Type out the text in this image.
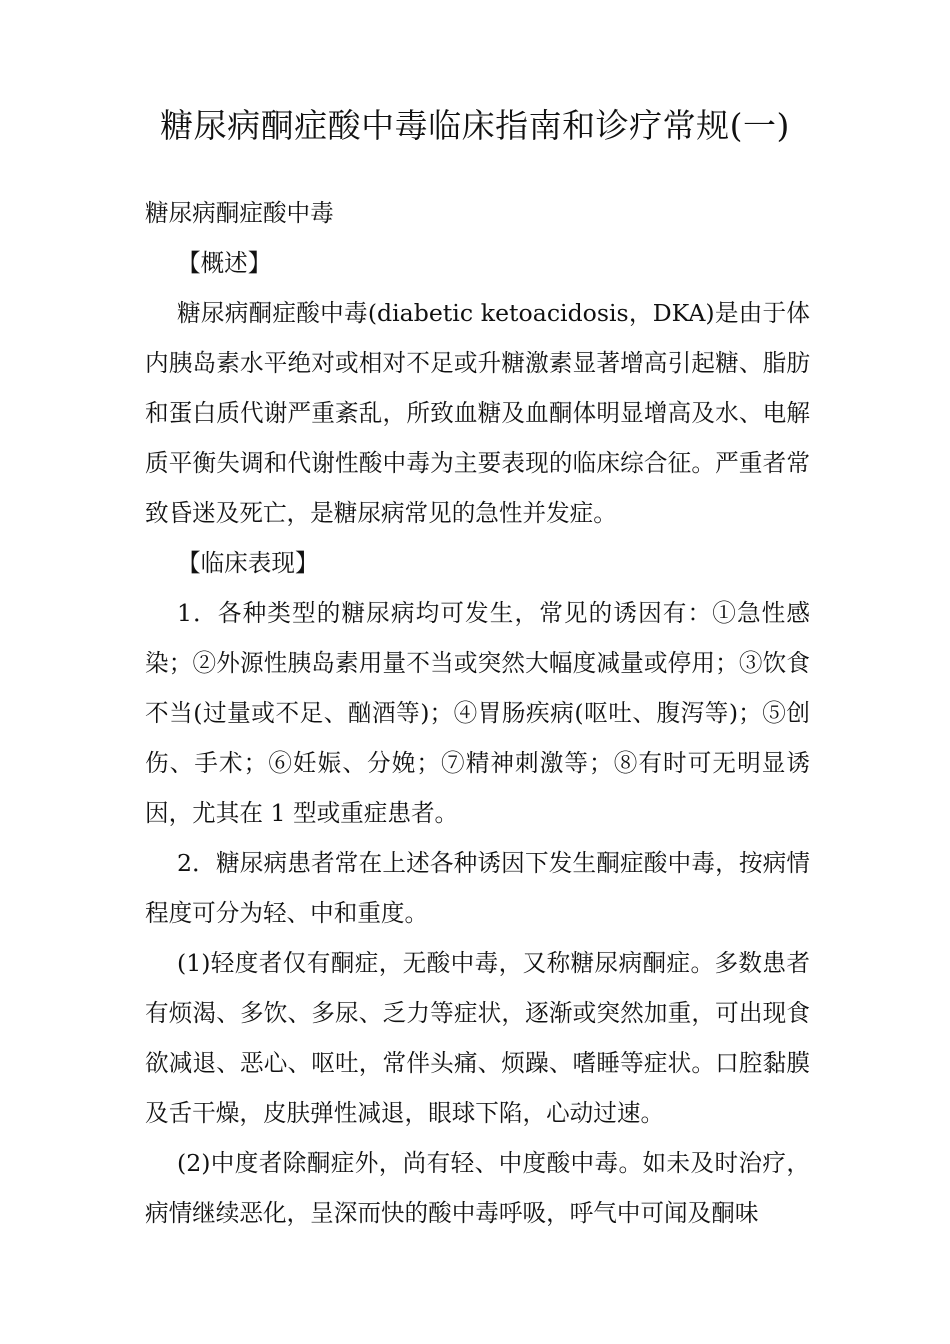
糖尿病酮症酸中毒临床指南和诊疗常规(一)

糖尿病酮症酸中毒

【概述】

糖尿病酮症酸中毒(diabetic ketoacidosis，DKA)是由于体内胰岛素水平绝对或相对不足或升糖激素显著增高引起糖、脂肪和蛋白质代谢严重紊乱，所致血糖及血酮体明显增高及水、电解质平衡失调和代谢性酸中毒为主要表现的临床综合征。严重者常致昏迷及死亡，是糖尿病常见的急性并发症。

【临床表现】

1．各种类型的糖尿病均可发生，常见的诱因有：①急性感染；②外源性胰岛素用量不当或突然大幅度减量或停用；③饮食不当(过量或不足、酗酒等)；④胃肠疾病(呕吐、腹泻等)；⑤创伤、手术；⑥妊娠、分娩；⑦精神刺激等；⑧有时可无明显诱因，尤其在 1 型或重症患者。

2．糖尿病患者常在上述各种诱因下发生酮症酸中毒，按病情程度可分为轻、中和重度。

(1)轻度者仅有酮症，无酸中毒，又称糖尿病酮症。多数患者有烦渴、多饮、多尿、乏力等症状，逐渐或突然加重，可出现食欲减退、恶心、呕吐，常伴头痛、烦躁、嗜睡等症状。口腔黏膜及舌干燥，皮肤弹性减退，眼球下陷，心动过速。

(2)中度者除酮症外，尚有轻、中度酸中毒。如未及时治疗，病情继续恶化，呈深而快的酸中毒呼吸，呼气中可闻及酮味
